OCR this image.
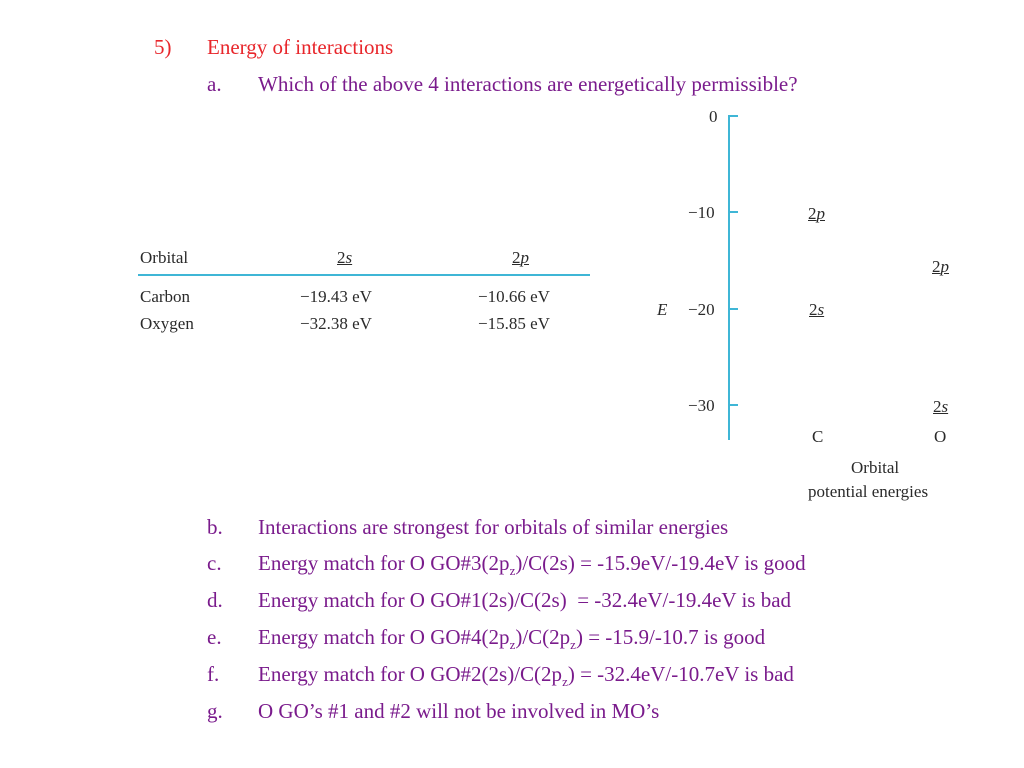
5) Energy of interactions
a. Which of the above 4 interactions are energetically permissible?
Orbital	2s	2p
Carbon	−19.43 eV	−10.66 eV
Oxygen	−32.38 eV	−15.85 eV
0
−10
−20
−30
E
2p
2s
2p
2s
C	O
Orbital
potential energies
b. Interactions are strongest for orbitals of similar energies
c. Energy match for O $GO\#3(2p_z)/C(2s) = -15.9eV/-19.4eV$ is good
d. Energy match for O GO#1(2s)/C(2s)  = -32.4eV/-19.4eV is bad
e. Energy match for O $GO\#4(2p_z)/C(2p_z) = -15.9/-10.7$ is good
f. Energy match for O $GO\#2(2s)/C(2p_z) = -32.4eV/-10.7eV$ is bad
g. O GO’s #1 and #2 will not be involved in MO’s
